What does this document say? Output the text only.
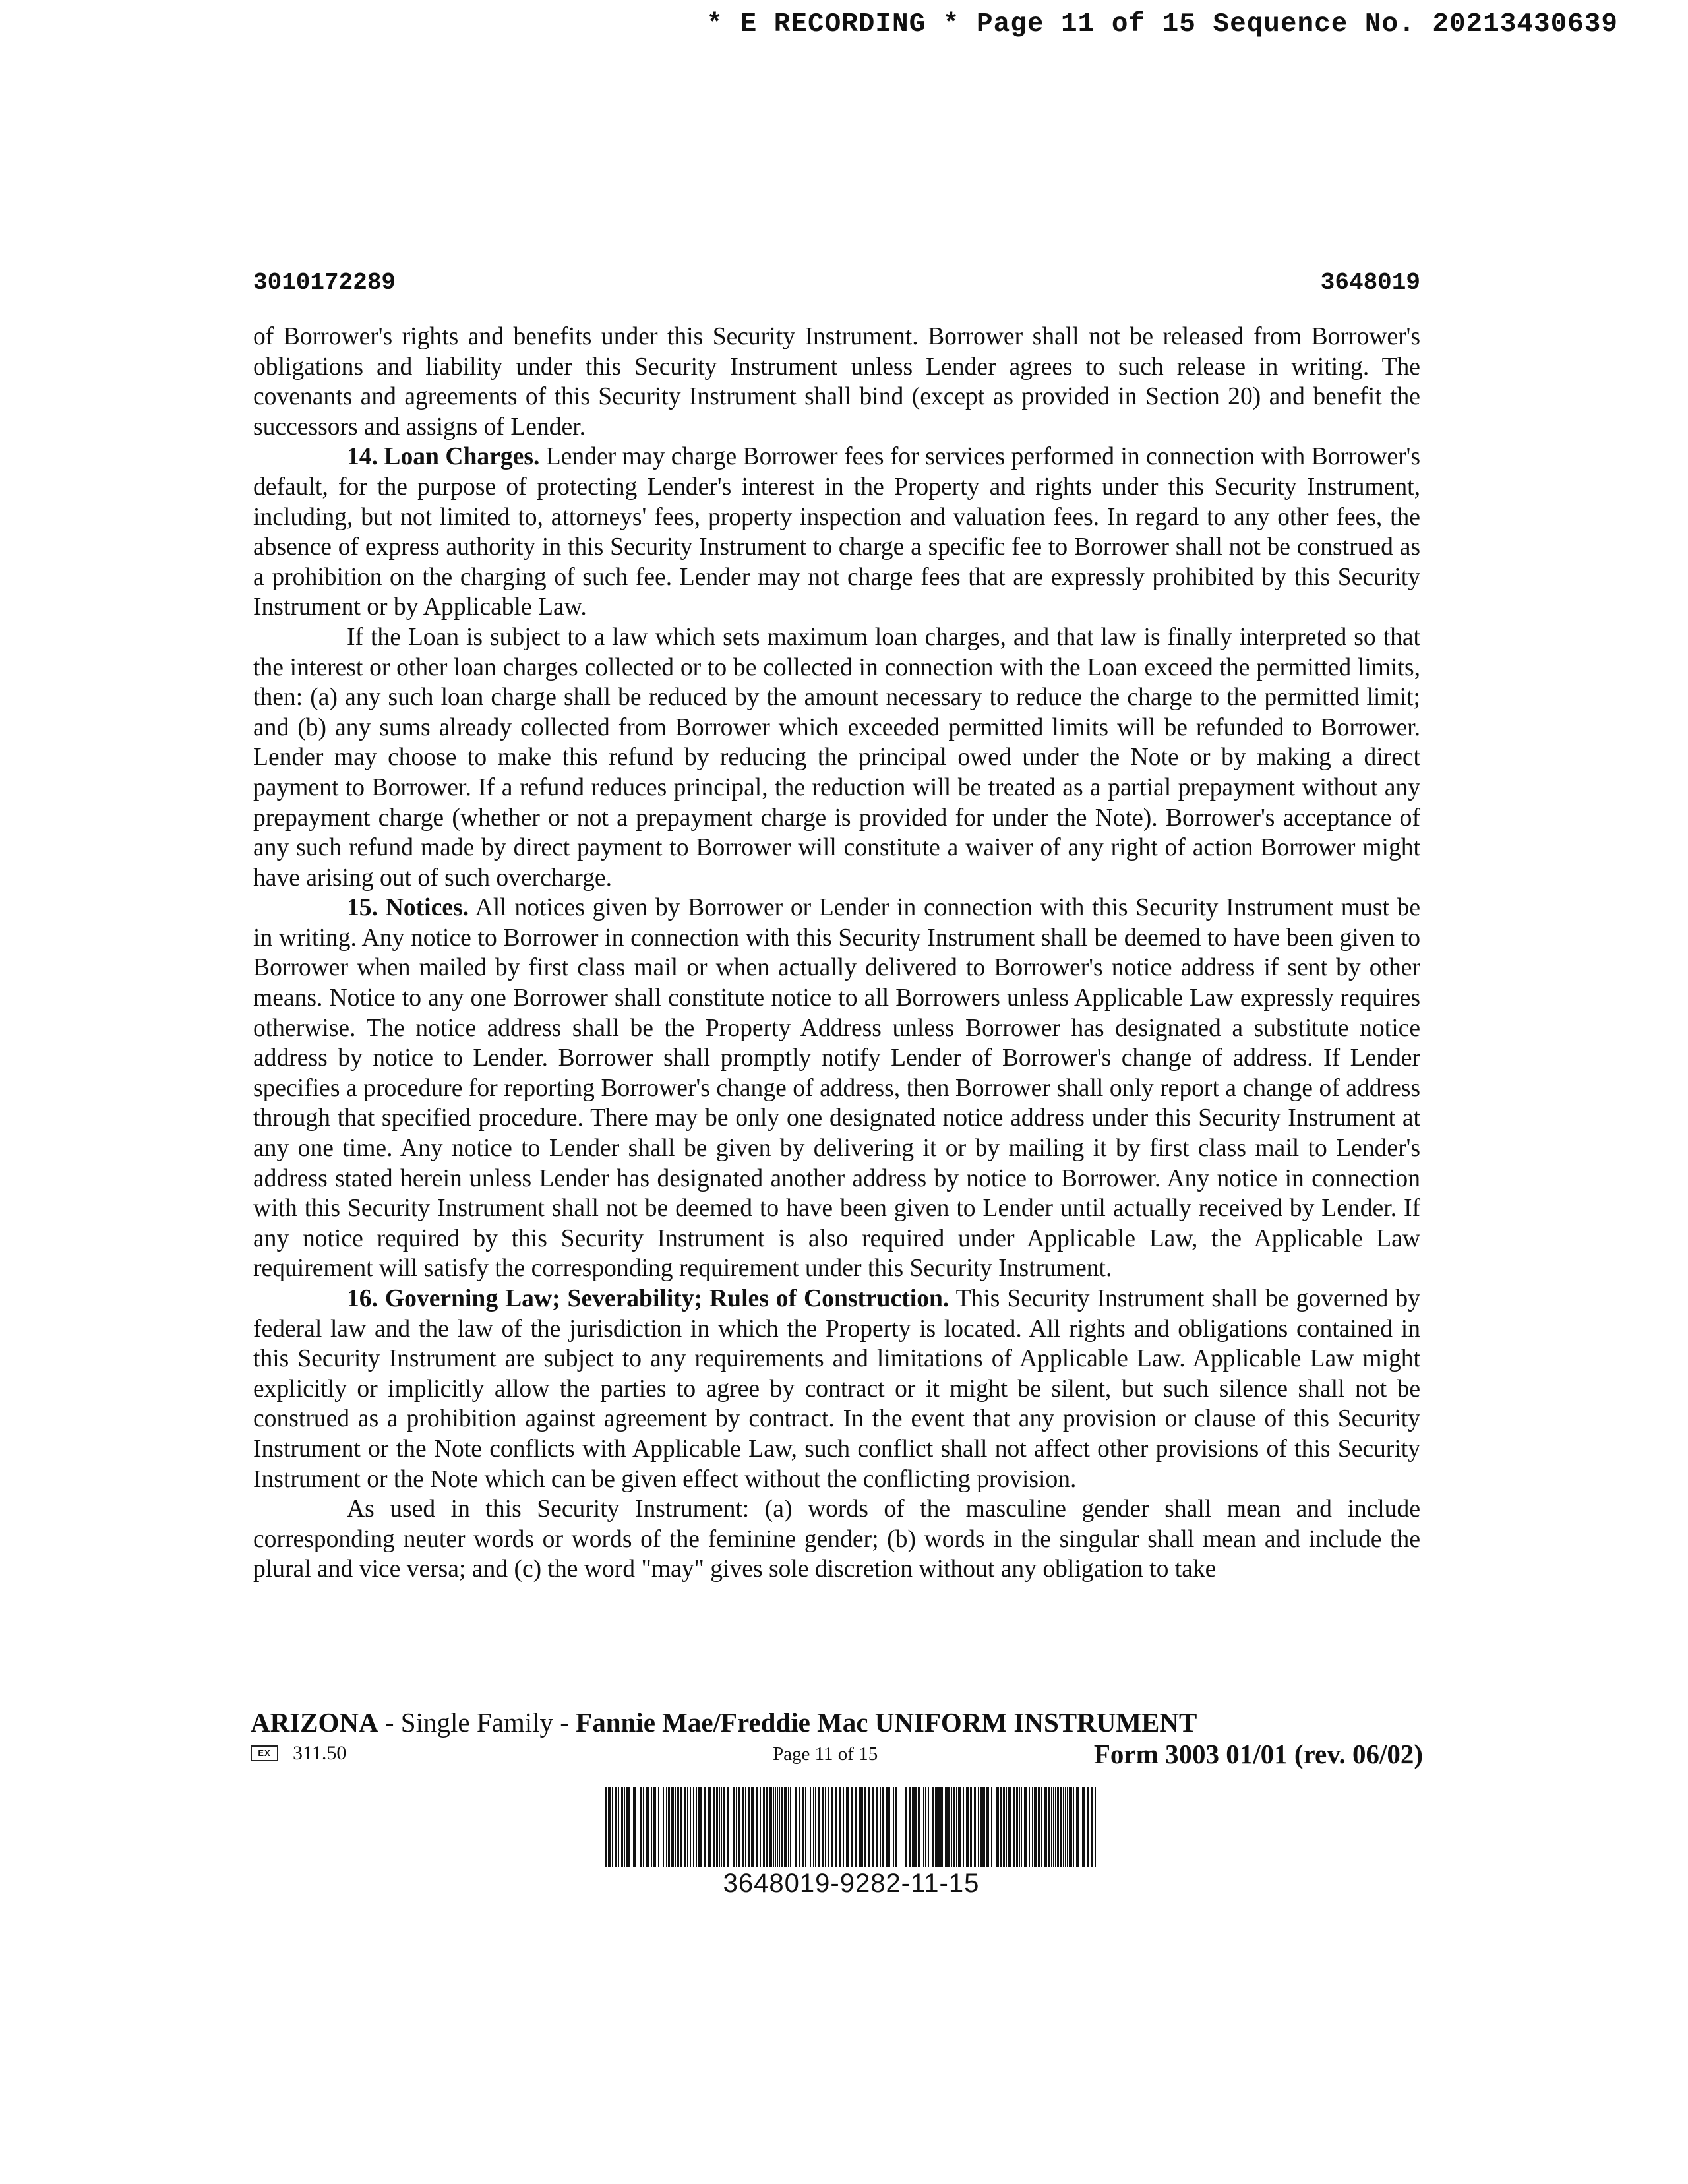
* E RECORDING * Page 11 of 15 Sequence No. 20213430639
3010172289	3648019

of Borrower's rights and benefits under this Security Instrument. Borrower shall not be released from Borrower's obligations and liability under this Security Instrument unless Lender agrees to such release in writing. The covenants and agreements of this Security Instrument shall bind (except as provided in Section 20) and benefit the successors and assigns of Lender.

14. Loan Charges. Lender may charge Borrower fees for services performed in connection with Borrower's default, for the purpose of protecting Lender's interest in the Property and rights under this Security Instrument, including, but not limited to, attorneys' fees, property inspection and valuation fees. In regard to any other fees, the absence of express authority in this Security Instrument to charge a specific fee to Borrower shall not be construed as a prohibition on the charging of such fee. Lender may not charge fees that are expressly prohibited by this Security Instrument or by Applicable Law.

If the Loan is subject to a law which sets maximum loan charges, and that law is finally interpreted so that the interest or other loan charges collected or to be collected in connection with the Loan exceed the permitted limits, then: (a) any such loan charge shall be reduced by the amount necessary to reduce the charge to the permitted limit; and (b) any sums already collected from Borrower which exceeded permitted limits will be refunded to Borrower. Lender may choose to make this refund by reducing the principal owed under the Note or by making a direct payment to Borrower. If a refund reduces principal, the reduction will be treated as a partial prepayment without any prepayment charge (whether or not a prepayment charge is provided for under the Note). Borrower's acceptance of any such refund made by direct payment to Borrower will constitute a waiver of any right of action Borrower might have arising out of such overcharge.

15. Notices. All notices given by Borrower or Lender in connection with this Security Instrument must be in writing. Any notice to Borrower in connection with this Security Instrument shall be deemed to have been given to Borrower when mailed by first class mail or when actually delivered to Borrower's notice address if sent by other means. Notice to any one Borrower shall constitute notice to all Borrowers unless Applicable Law expressly requires otherwise. The notice address shall be the Property Address unless Borrower has designated a substitute notice address by notice to Lender. Borrower shall promptly notify Lender of Borrower's change of address. If Lender specifies a procedure for reporting Borrower's change of address, then Borrower shall only report a change of address through that specified procedure. There may be only one designated notice address under this Security Instrument at any one time. Any notice to Lender shall be given by delivering it or by mailing it by first class mail to Lender's address stated herein unless Lender has designated another address by notice to Borrower. Any notice in connection with this Security Instrument shall not be deemed to have been given to Lender until actually received by Lender. If any notice required by this Security Instrument is also required under Applicable Law, the Applicable Law requirement will satisfy the corresponding requirement under this Security Instrument.

16. Governing Law; Severability; Rules of Construction. This Security Instrument shall be governed by federal law and the law of the jurisdiction in which the Property is located. All rights and obligations contained in this Security Instrument are subject to any requirements and limitations of Applicable Law. Applicable Law might explicitly or implicitly allow the parties to agree by contract or it might be silent, but such silence shall not be construed as a prohibition against agreement by contract. In the event that any provision or clause of this Security Instrument or the Note conflicts with Applicable Law, such conflict shall not affect other provisions of this Security Instrument or the Note which can be given effect without the conflicting provision.

As used in this Security Instrument: (a) words of the masculine gender shall mean and include corresponding neuter words or words of the feminine gender; (b) words in the singular shall mean and include the plural and vice versa; and (c) the word "may" gives sole discretion without any obligation to take

ARIZONA - Single Family - Fannie Mae/Freddie Mac UNIFORM INSTRUMENT
EX	311.50	Page 11 of 15	Form 3003 01/01 (rev. 06/02)
3648019-9282-11-15
